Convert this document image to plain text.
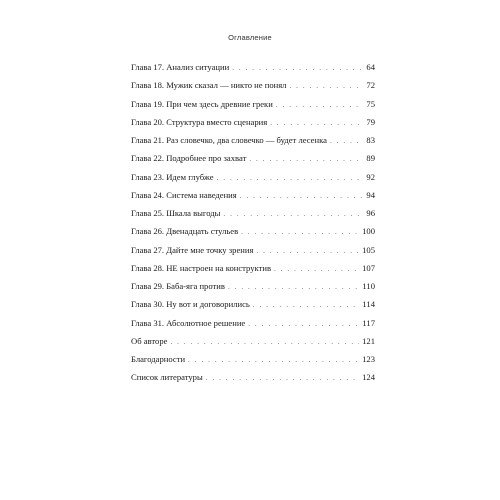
Оглавление
Глава 17. Анализ ситуации . . .	64
Глава 18. Мужик сказал — никто не понял . . .	72
Глава 19. При чем здесь древние греки . . .	75
Глава 20. Структура вместо сценария . . .	79
Глава 21. Раз словечко, два словечко — будет лесенка . . .	83
Глава 22. Подробнее про захват . . .	89
Глава 23. Идем глубже . . .	92
Глава 24. Система наведения . . .	94
Глава 25. Шкала выгоды . . .	96
Глава 26. Двенадцать стульев . . .	100
Глава 27. Дайте мне точку зрения . . .	105
Глава 28. НЕ настроен на конструктив . . .	107
Глава 29. Баба-яга против . . .	110
Глава 30. Ну вот и договорились . . .	114
Глава 31. Абсолютное решение . . .	117
Об авторе . . .	121
Благодарности . . .	123
Список литературы . . .	124
